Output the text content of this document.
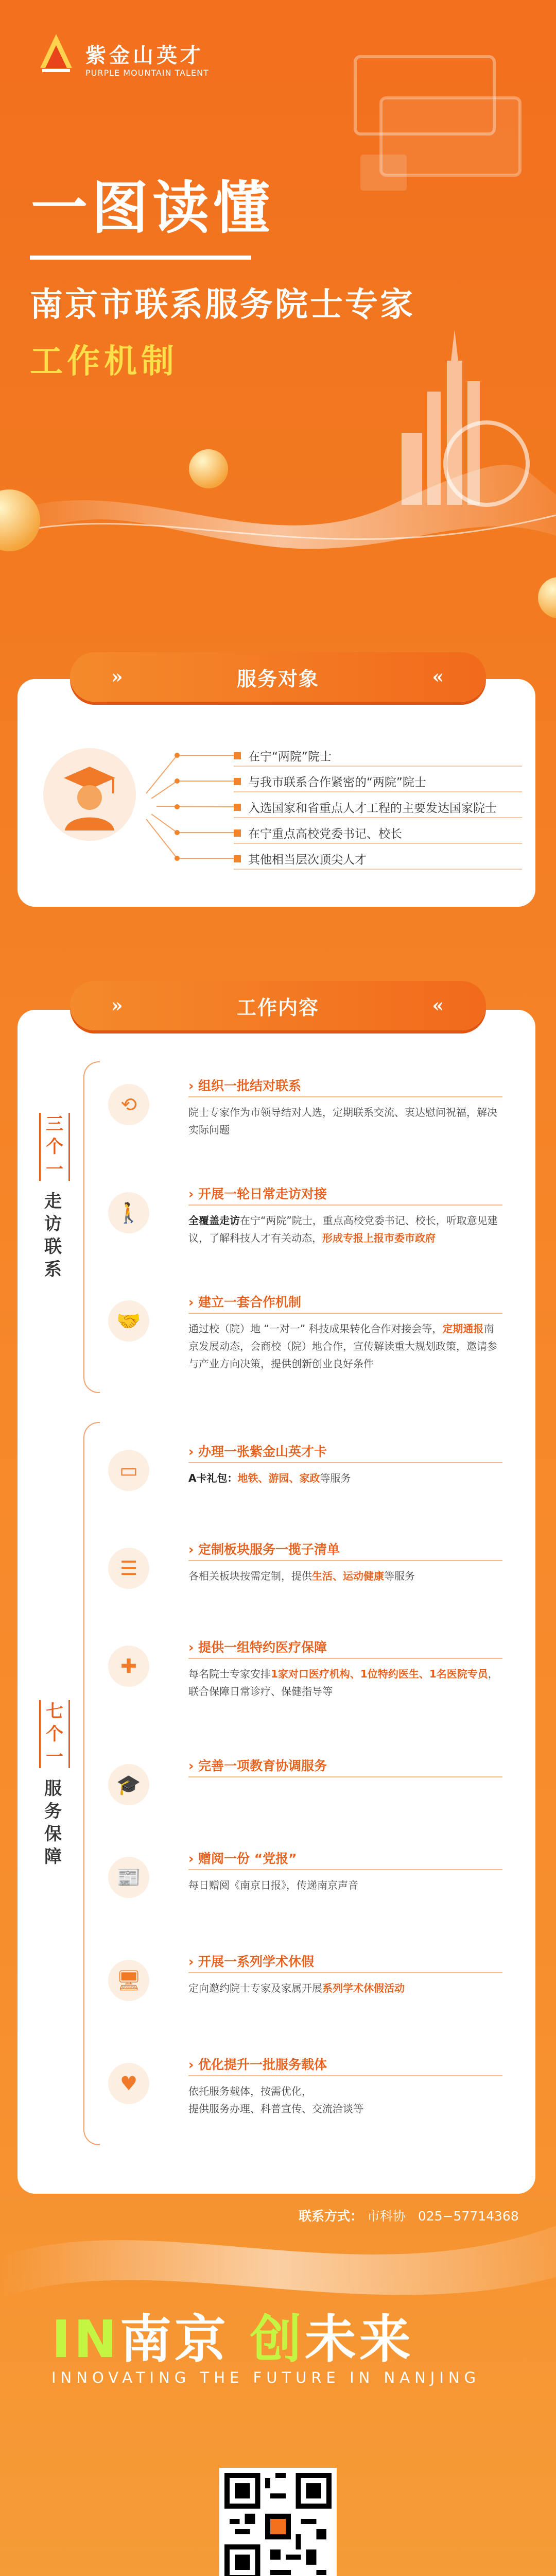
紫金山英才
PURPLE MOUNTAIN TALENT
一图读懂
南京市联系服务院士专家
工作机制
»	服务对象	«
在宁“两院”院士
与我市联系合作紧密的“两院”院士
入选国家和省重点人才工程的主要发达国家院士
在宁重点高校党委书记、校长
其他相当层次顶尖人才
»	工作内容	«
三个一
走访联系
七个一
服务保障
⟲
› 组织一批结对联系
院士专家作为市领导结对人选，定期联系交流、衷达慰问祝福，解决实际问题
🚶
› 开展一轮日常走访对接
全覆盖走访在宁“两院”院士，重点高校党委书记、校长，听取意见建议，了解科技人才有关动态，形成专报上报市委市政府
🤝
› 建立一套合作机制
通过校（院）地 “一对一” 科技成果转化合作对接会等，定期通报南京发展动态，会商校（院）地合作，宣传解读重大规划政策，邀请参与产业方向决策，提供创新创业良好条件
▭
› 办理一张紫金山英才卡
A卡礼包：地铁、游园、家政等服务
☰
› 定制板块服务一揽子清单
各相关板块按需定制，提供生活、运动健康等服务
✚
› 提供一组特约医疗保障
每名院士专家安排1家对口医疗机构、1位特约医生、1名医院专员，联合保障日常诊疗、保健指导等
🎓
› 完善一项教育协调服务
📰
› 赠阅一份 “党报”
每日赠阅《南京日报》，传递南京声音
🖥
› 开展一系列学术休假
定向邀约院士专家及家属开展系列学术休假活动
♥
› 优化提升一批服务载体
依托服务载体，按需优化，
提供服务办理、科普宣传、交流洽谈等
联系方式： 市科协 025−57714368
IN南京 创未来
INNOVATING THE FUTURE IN NANJING
